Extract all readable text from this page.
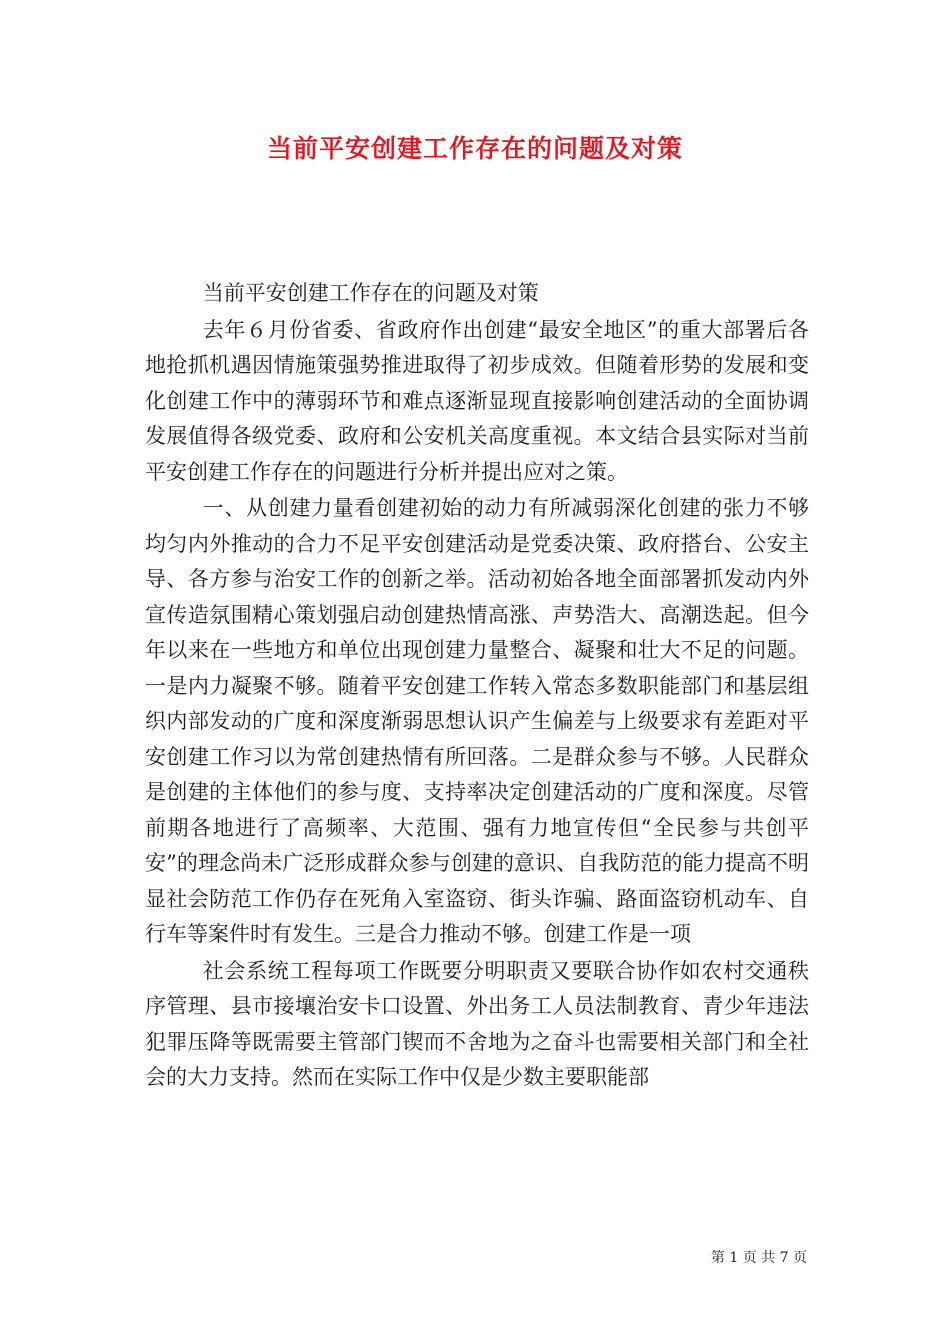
当前平安创建工作存在的问题及对策

当前平安创建工作存在的问题及对策

去年６月份省委、省政府作出创建“最安全地区”的重大部署后各地抢抓机遇因情施策强势推进取得了初步成效。但随着形势的发展和变化创建工作中的薄弱环节和难点逐渐显现直接影响创建活动的全面协调发展值得各级党委、政府和公安机关高度重视。本文结合县实际对当前平安创建工作存在的问题进行分析并提出应对之策。

一、从创建力量看创建初始的动力有所减弱深化创建的张力不够均匀内外推动的合力不足平安创建活动是党委决策、政府搭台、公安主导、各方参与治安工作的创新之举。活动初始各地全面部署抓发动内外宣传造氛围精心策划强启动创建热情高涨、声势浩大、高潮迭起。但今年以来在一些地方和单位出现创建力量整合、凝聚和壮大不足的问题。一是内力凝聚不够。随着平安创建工作转入常态多数职能部门和基层组织内部发动的广度和深度渐弱思想认识产生偏差与上级要求有差距对平安创建工作习以为常创建热情有所回落。二是群众参与不够。人民群众是创建的主体他们的参与度、支持率决定创建活动的广度和深度。尽管前期各地进行了高频率、大范围、强有力地宣传但“全民参与共创平安”的理念尚未广泛形成群众参与创建的意识、自我防范的能力提高不明显社会防范工作仍存在死角入室盗窃、街头诈骗、路面盗窃机动车、自行车等案件时有发生。三是合力推动不够。创建工作是一项

社会系统工程每项工作既要分明职责又要联合协作如农村交通秩序管理、县市接壤治安卡口设置、外出务工人员法制教育、青少年违法犯罪压降等既需要主管部门锲而不舍地为之奋斗也需要相关部门和全社会的大力支持。然而在实际工作中仅是少数主要职能部

第 1 页 共 7 页
